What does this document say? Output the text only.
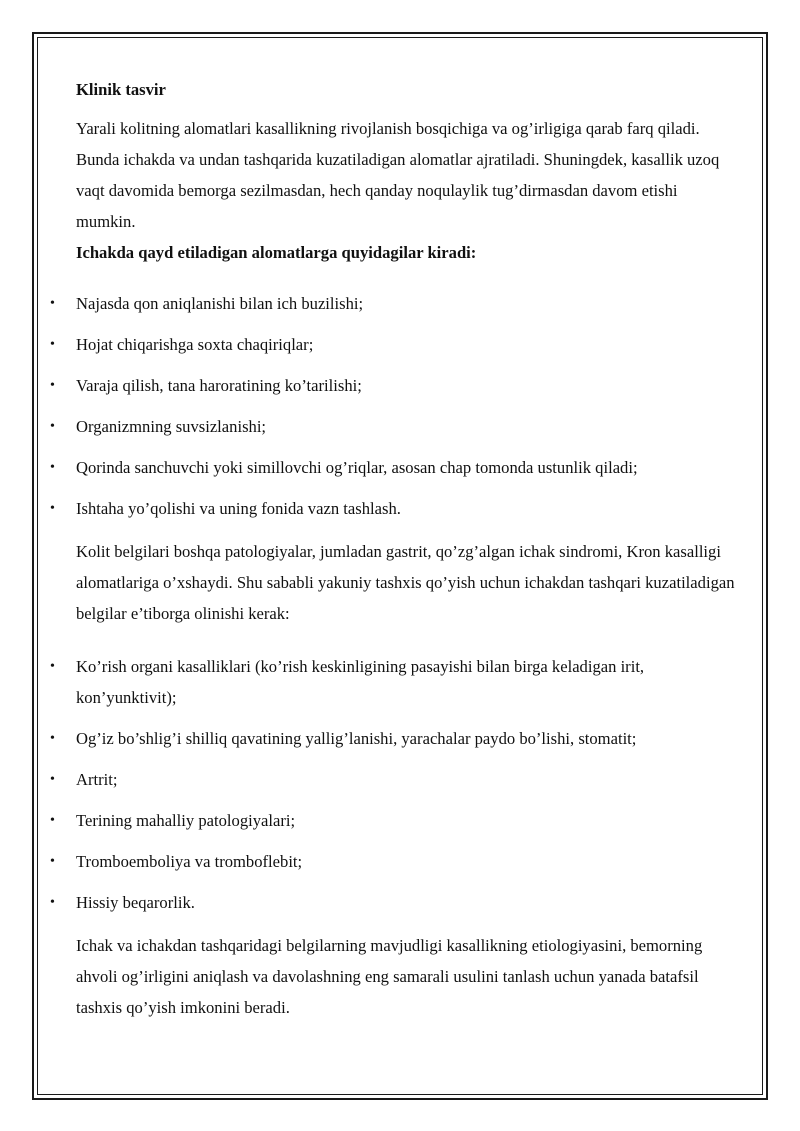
Klinik tasvir

Yarali kolitning alomatlari kasallikning rivojlanish bosqichiga va og’irligiga qarab farq qiladi. Bunda ichakda va undan tashqarida kuzatiladigan alomatlar ajratiladi. Shuningdek, kasallik uzoq vaqt davomida bemorga sezilmasdan, hech qanday noqulaylik tug’dirmasdan davom etishi mumkin.

Ichakda qayd etiladigan alomatlarga quyidagilar kiradi:

• Najasda qon aniqlanishi bilan ich buzilishi;
• Hojat chiqarishga soxta chaqiriqlar;
• Varaja qilish, tana haroratining ko’tarilishi;
• Organizmning suvsizlanishi;
• Qorinda sanchuvchi yoki simillovchi og’riqlar, asosan chap tomonda ustunlik qiladi;
• Ishtaha yo’qolishi va uning fonida vazn tashlash.

Kolit belgilari boshqa patologiyalar, jumladan gastrit, qo’zg’algan ichak sindromi, Kron kasalligi alomatlariga o’xshaydi. Shu sababli yakuniy tashxis qo’yish uchun ichakdan tashqari kuzatiladigan belgilar e’tiborga olinishi kerak:

• Ko’rish organi kasalliklari (ko’rish keskinligining pasayishi bilan birga keladigan irit, kon’yunktivit);
• Og’iz bo’shlig’i shilliq qavatining yallig’lanishi, yarachalar paydo bo’lishi, stomatit;
• Artrit;
• Terining mahalliy patologiyalari;
• Tromboemboliya va tromboflebit;
• Hissiy beqarorlik.

Ichak va ichakdan tashqaridagi belgilarning mavjudligi kasallikning etiologiyasini, bemorning ahvoli og’irligini aniqlash va davolashning eng samarali usulini tanlash uchun yanada batafsil tashxis qo’yish imkonini beradi.
